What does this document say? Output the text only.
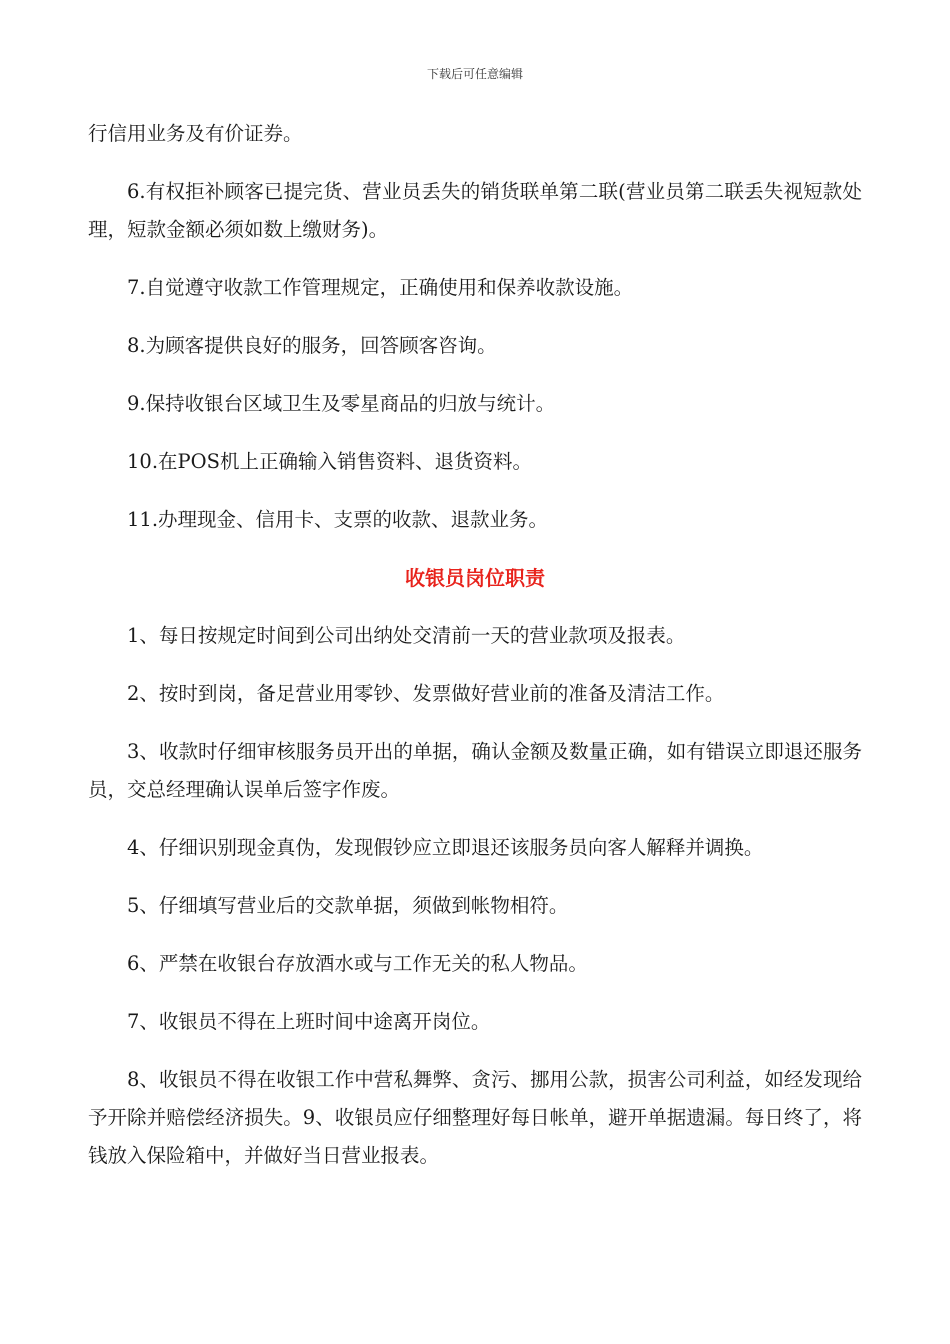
下载后可任意编辑

行信用业务及有价证券。

6.有权拒补顾客已提完货、营业员丢失的销货联单第二联(营业员第二联丢失视短款处理，短款金额必须如数上缴财务)。

7.自觉遵守收款工作管理规定，正确使用和保养收款设施。

8.为顾客提供良好的服务，回答顾客咨询。

9.保持收银台区域卫生及零星商品的归放与统计。

10.在POS机上正确输入销售资料、退货资料。

11.办理现金、信用卡、支票的收款、退款业务。

收银员岗位职责

1、每日按规定时间到公司出纳处交清前一天的营业款项及报表。

2、按时到岗，备足营业用零钞、发票做好营业前的准备及清洁工作。

3、收款时仔细审核服务员开出的单据，确认金额及数量正确，如有错误立即退还服务员，交总经理确认误单后签字作废。

4、仔细识别现金真伪，发现假钞应立即退还该服务员向客人解释并调换。

5、仔细填写营业后的交款单据，须做到帐物相符。

6、严禁在收银台存放酒水或与工作无关的私人物品。

7、收银员不得在上班时间中途离开岗位。

8、收银员不得在收银工作中营私舞弊、贪污、挪用公款，损害公司利益，如经发现给予开除并赔偿经济损失。9、收银员应仔细整理好每日帐单，避开单据遗漏。每日终了，将钱放入保险箱中，并做好当日营业报表。
